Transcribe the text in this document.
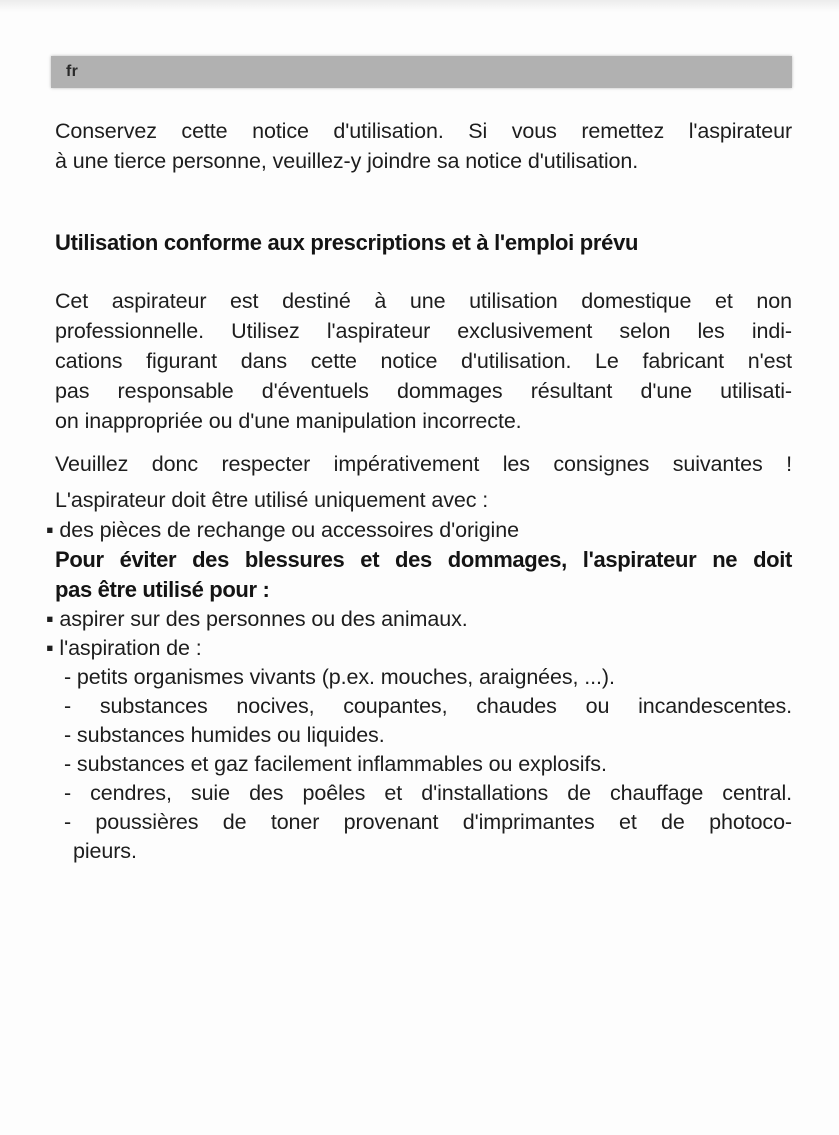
fr
Conservez cette notice d'utilisation. Si vous remettez l'aspirateur
à une tierce personne, veuillez-y joindre sa notice d'utilisation.
Utilisation conforme aux prescriptions et à l'emploi prévu
Cet aspirateur est destiné à une utilisation domestique et non
professionnelle. Utilisez l'aspirateur exclusivement selon les indi-
cations figurant dans cette notice d'utilisation. Le fabricant n'est
pas responsable d'éventuels dommages résultant d'une utilisati-
on inappropriée ou d'une manipulation incorrecte.
Veuillez donc respecter impérativement les consignes suivantes !
L'aspirateur doit être utilisé uniquement avec :
▪ des pièces de rechange ou accessoires d'origine
Pour éviter des blessures et des dommages, l'aspirateur ne doit
pas être utilisé pour :
▪ aspirer sur des personnes ou des animaux.
▪ l'aspiration de :
- petits organismes vivants (p.ex. mouches, araignées, ...).
- substances nocives, coupantes, chaudes ou incandescentes.
- substances humides ou liquides.
- substances et gaz facilement inflammables ou explosifs.
- cendres, suie des poêles et d'installations de chauffage central.
- poussières de toner provenant d'imprimantes et de photoco-
pieurs.
